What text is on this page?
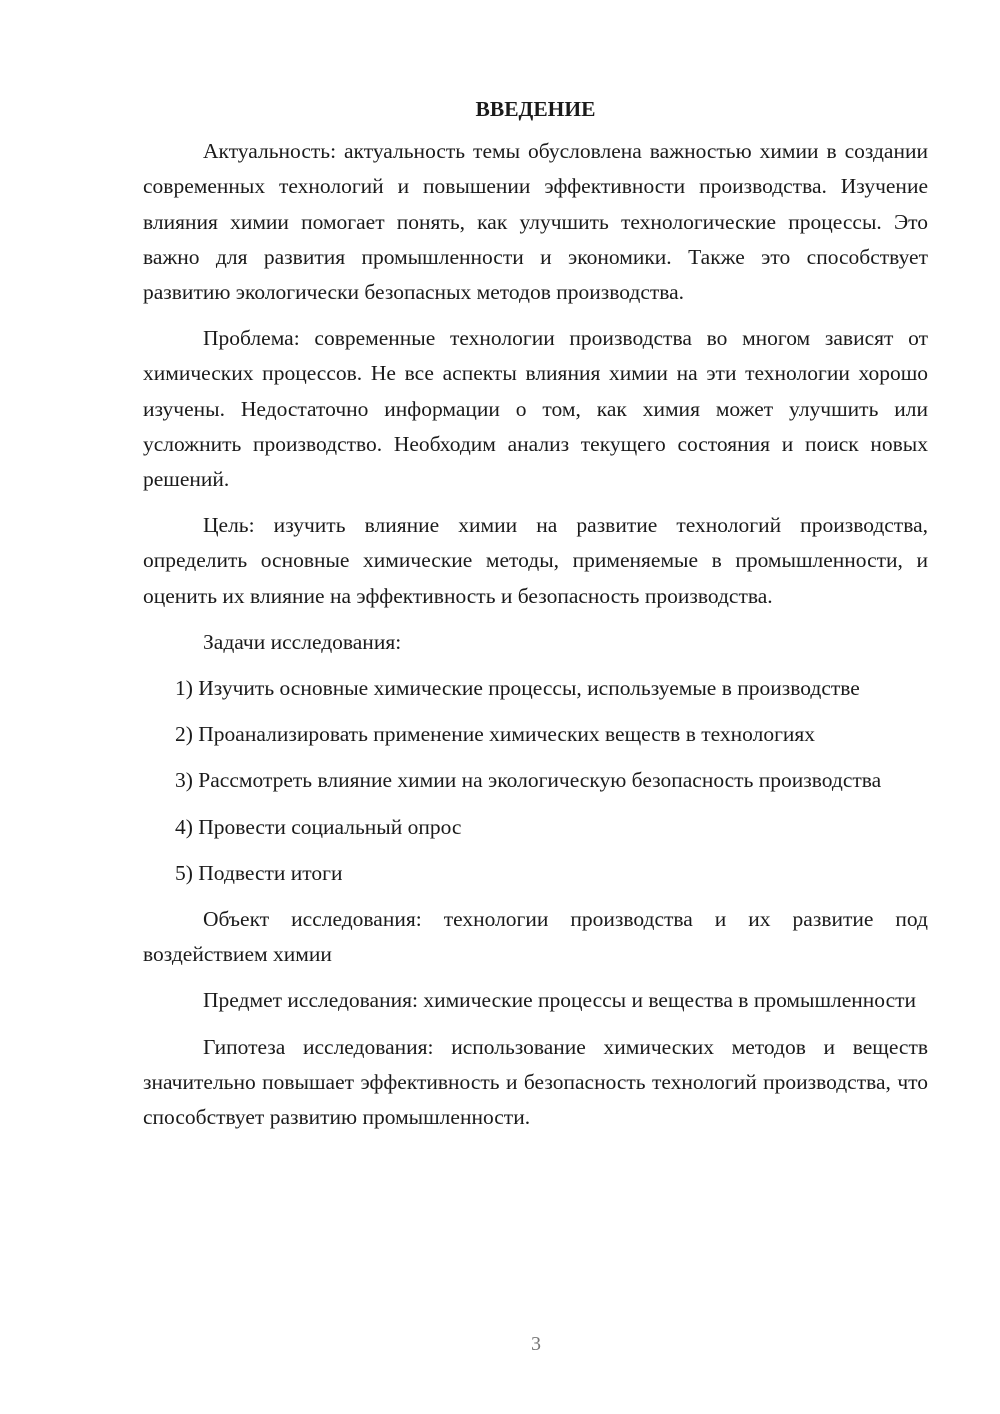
ВВЕДЕНИЕ

Актуальность: актуальность темы обусловлена важностью химии в создании современных технологий и повышении эффективности производства. Изучение влияния химии помогает понять, как улучшить технологические процессы. Это важно для развития промышленности и экономики. Также это способствует развитию экологически безопасных методов производства.

Проблема: современные технологии производства во многом зависят от химических процессов. Не все аспекты влияния химии на эти технологии хорошо изучены. Недостаточно информации о том, как химия может улучшить или усложнить производство. Необходим анализ текущего состояния и поиск новых решений.

Цель: изучить влияние химии на развитие технологий производства, определить основные химические методы, применяемые в промышленности, и оценить их влияние на эффективность и безопасность производства.

Задачи исследования:

1) Изучить основные химические процессы, используемые в производстве

2) Проанализировать применение химических веществ в технологиях

3) Рассмотреть влияние химии на экологическую безопасность производства

4) Провести социальный опрос

5) Подвести итоги

Объект исследования: технологии производства и их развитие под воздействием химии

Предмет исследования: химические процессы и вещества в промышленности

Гипотеза исследования: использование химических методов и веществ значительно повышает эффективность и безопасность технологий производства, что способствует развитию промышленности.

3
